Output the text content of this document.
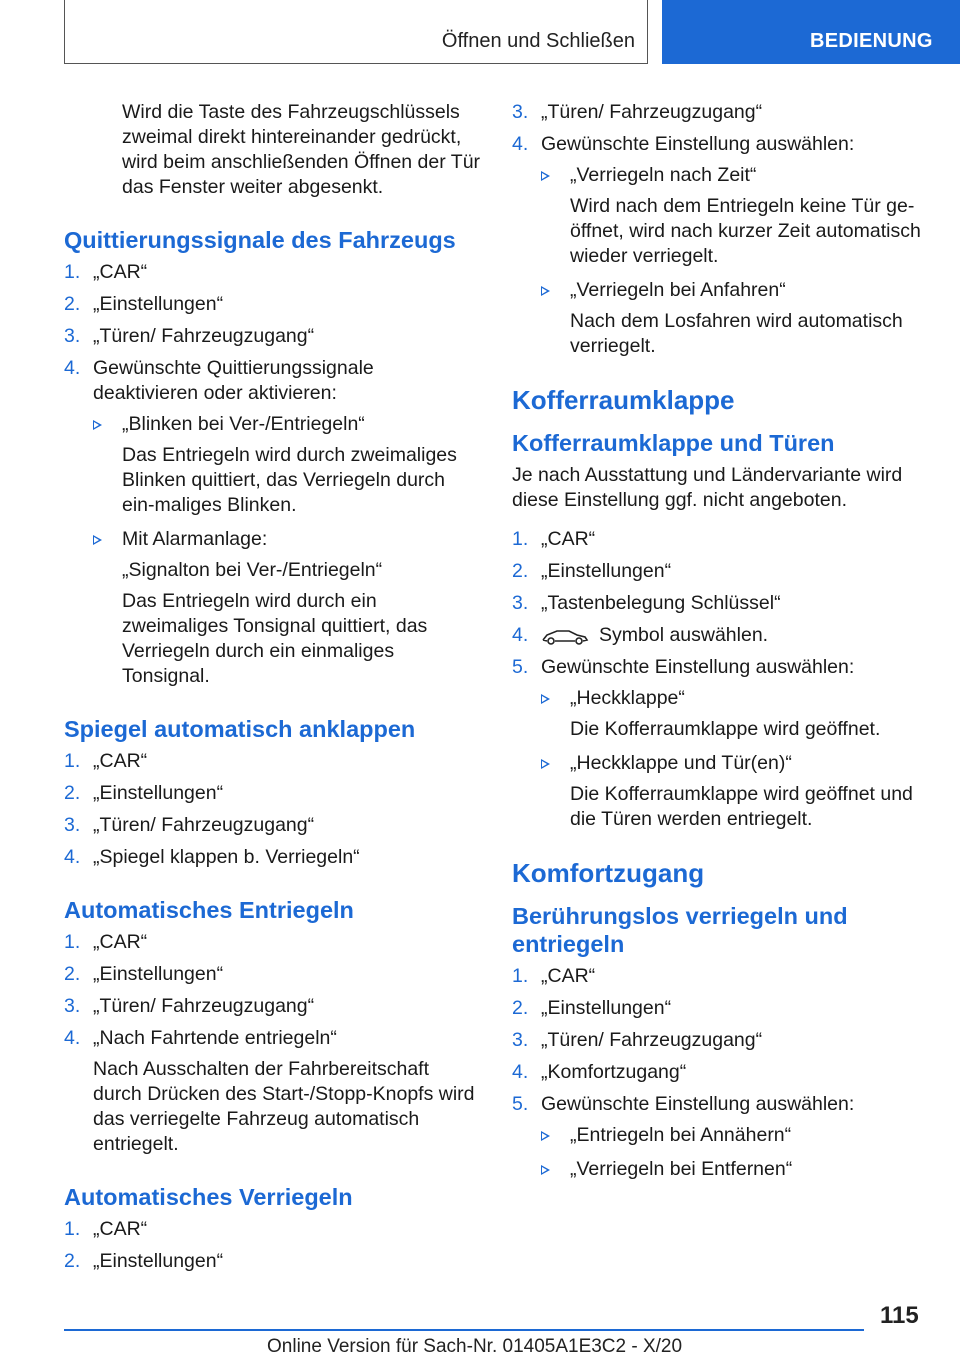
Öffnen und Schließen	BEDIENUNG

Wird die Taste des Fahrzeugschlüssels zweimal direkt hintereinander gedrückt, wird beim anschließenden Öffnen der Tür das Fenster weiter abgesenkt.

Quittierungssignale des Fahrzeugs
1. „CAR“
2. „Einstellungen“
3. „Türen/ Fahrzeugzugang“
4. Gewünschte Quittierungssignale deaktivieren oder aktivieren:
„Blinken bei Ver-/Entriegeln“
Das Entriegeln wird durch zweimaliges Blinken quittiert, das Verriegeln durch ein-maliges Blinken.
Mit Alarmanlage:
„Signalton bei Ver-/Entriegeln“
Das Entriegeln wird durch ein zweimaliges Tonsignal quittiert, das Verriegeln durch ein einmaliges Tonsignal.
Spiegel automatisch anklappen
1. „CAR“
2. „Einstellungen“
3. „Türen/ Fahrzeugzugang“
4. „Spiegel klappen b. Verriegeln“
Automatisches Entriegeln
1. „CAR“
2. „Einstellungen“
3. „Türen/ Fahrzeugzugang“
4. „Nach Fahrtende entriegeln“
Nach Ausschalten der Fahrbereitschaft durch Drücken des Start-/Stopp-Knopfs wird das verriegelte Fahrzeug automatisch entriegelt.
Automatisches Verriegeln
1. „CAR“
2. „Einstellungen“
3. „Türen/ Fahrzeugzugang“
4. Gewünschte Einstellung auswählen:
„Verriegeln nach Zeit“
Wird nach dem Entriegeln keine Tür ge-öffnet, wird nach kurzer Zeit automatisch wieder verriegelt.
„Verriegeln bei Anfahren“
Nach dem Losfahren wird automatisch verriegelt.
Kofferraumklappe
Kofferraumklappe und Türen

Je nach Ausstattung und Ländervariante wird diese Einstellung ggf. nicht angeboten.

1. „CAR“
2. „Einstellungen“
3. „Tastenbelegung Schlüssel“
4.	Symbol auswählen.
5. Gewünschte Einstellung auswählen:
„Heckklappe“
Die Kofferraumklappe wird geöffnet.
„Heckklappe und Tür(en)“
Die Kofferraumklappe wird geöffnet und die Türen werden entriegelt.
Komfortzugang
Berührungslos verriegeln und entriegeln
1. „CAR“
2. „Einstellungen“
3. „Türen/ Fahrzeugzugang“
4. „Komfortzugang“
5. Gewünschte Einstellung auswählen:
„Entriegeln bei Annähern“
„Verriegeln bei Entfernen“
115
Online Version für Sach-Nr. 01405A1E3C2 - X/20
